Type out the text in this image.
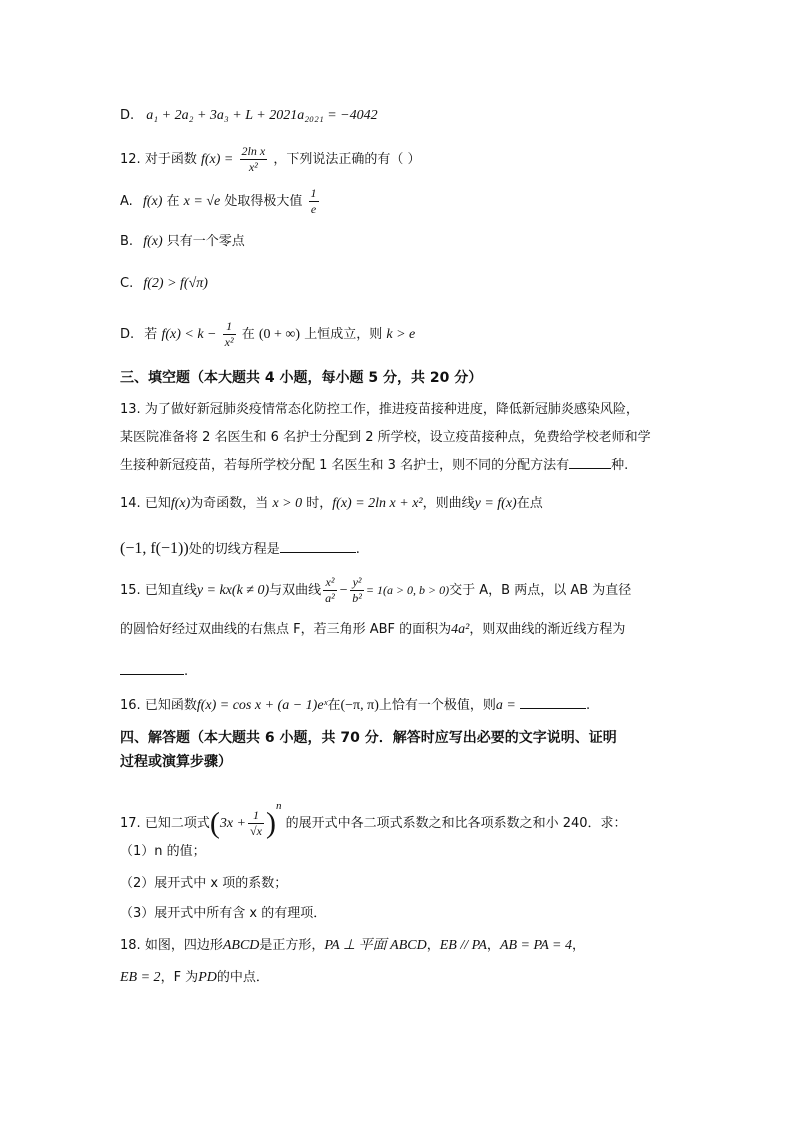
D. a₁ + 2a₂ + 3a₃ + L + 2021a₂₀₂₁ = −4042
12. 对于函数 $f(x) = \frac{\text{2ln x}}{\text{x²}}$ ，下列说法正确的有（ ）
A. f(x) 在 x = √e 处取得极大值 $\frac{1}{e}$
B. f(x) 只有一个零点
C. f(2) > f(√π)
D. 若 $f(x) < k - \frac{1}{\text{x²}}$ 在 (0 + ∞) 上恒成立，则 k > e
三、填空题（本大题共 4 小题，每小题 5 分，共 20 分）
13. 为了做好新冠肺炎疫情常态化防控工作，推进疫苗接种进度，降低新冠肺炎感染风险，
某医院准备将 2 名医生和 6 名护士分配到 2 所学校，设立疫苗接种点，免费给学校老师和学
生接种新冠疫苗，若每所学校分配 1 名医生和 3 名护士，则不同的分配方法有	种.
14. 已知f(x)为奇函数，当 x > 0 时，f(x) = 2ln x + x²，则曲线y = f(x)在点
(−1, f(−1))处的切线方程是	.
15. 已知直线y = kx(k ≠ 0)与双曲线 $\frac{\text{x²}}{\text{a²}} - \frac{\text{y²}}{\text{b²}} = 1(a > 0$, b > 0)交于 A，B 两点，以 AB 为直径
的圆恰好经过双曲线的右焦点 F，若三角形 ABF 的面积为4a²，则双曲线的渐近线方程为
.
16. 已知函数f(x) = cos x + (a − 1)eˣ在(−π, π)上恰有一个极值，则a =	.
四、解答题（本大题共 6 小题，共 70 分．解答时应写出必要的文字说明、证明
过程或演算步骤）
17. 已知二项式$(3x + \frac{1}{√x} )^n$ 的展开式中各二项式系数之和比各项系数之和小 240．求：
（1）n 的值；
（2）展开式中 x 项的系数；
（3）展开式中所有含 x 的有理项．
18. 如图，四边形ABCD是正方形，PA ⊥ 平面 ABCD，EB // PA，AB = PA = 4，
EB = 2，F 为PD的中点．
